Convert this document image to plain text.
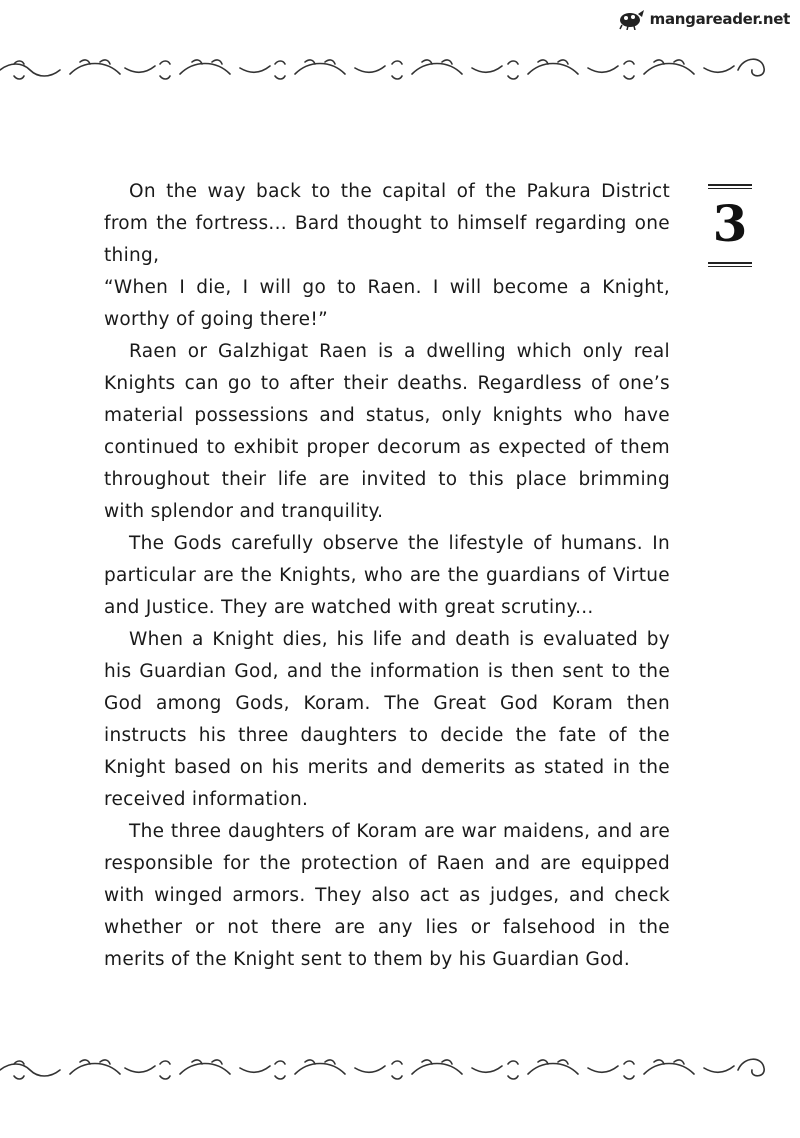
mangareader.net
3

On the way back to the capital of the Pakura District from the fortress... Bard thought to himself regarding one thing,

“When I die, I will go to Raen. I will become a Knight, worthy of going there!”

Raen or Galzhigat Raen is a dwelling which only real Knights can go to after their deaths. Regardless of one’s material possessions and status, only knights who have continued to exhibit proper decorum as expected of them throughout their life are invited to this place brimming with splendor and tranquility.

The Gods carefully observe the lifestyle of humans. In particular are the Knights, who are the guardians of Virtue and Justice. They are watched with great scrutiny...

When a Knight dies, his life and death is evaluated by his Guardian God, and the information is then sent to the God among Gods, Koram. The Great God Koram then instructs his three daughters to decide the fate of the Knight based on his merits and demerits as stated in the received information.

The three daughters of Koram are war maidens, and are responsible for the protection of Raen and are equipped with winged armors. They also act as judges, and check whether or not there are any lies or falsehood in the merits of the Knight sent to them by his Guardian God.
